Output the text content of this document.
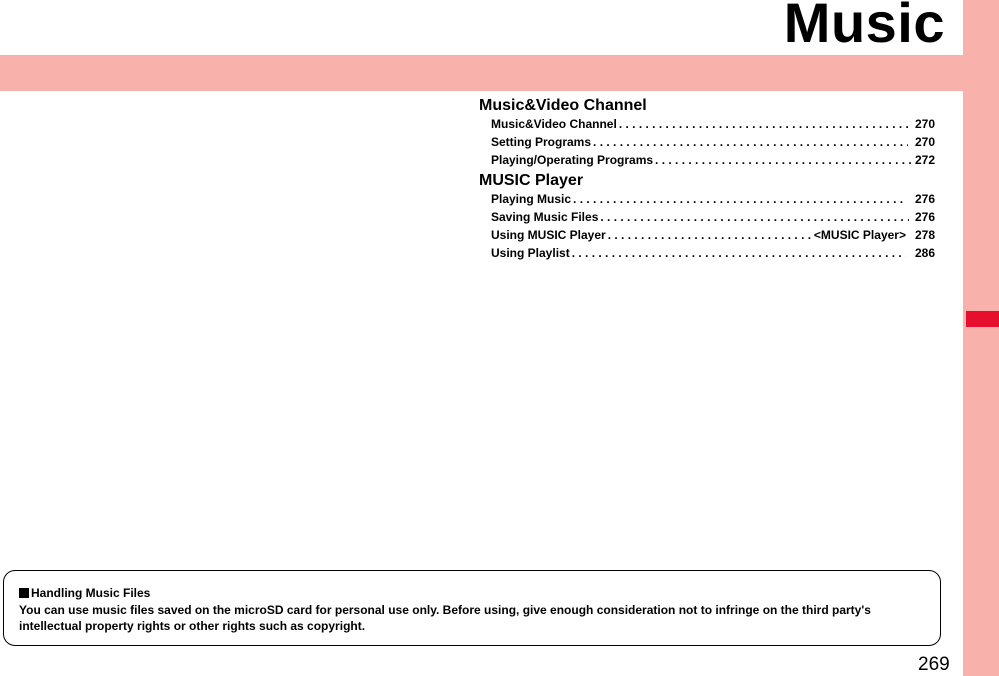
Music
Music&Video Channel
Music&Video Channel . . .	270
Setting Programs . . .	270
Playing/Operating Programs . . .	272
MUSIC Player
Playing Music . . .	276
Saving Music Files . . .	276
Using MUSIC Player . . .	<MUSIC Player> 278
Using Playlist . . .	286
Handling Music Files
You can use music files saved on the microSD card for personal use only. Before using, give enough consideration not to infringe on the third party's intellectual property rights or other rights such as copyright.
269
